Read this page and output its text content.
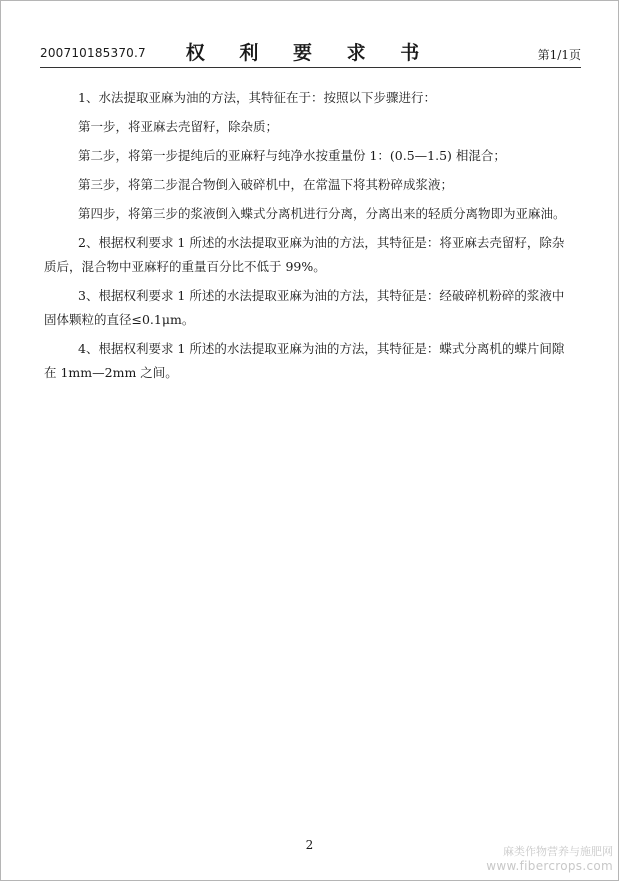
200710185370.7	权 利 要 求 书	第1/1页
1、水法提取亚麻为油的方法，其特征在于：按照以下步骤进行：
第一步，将亚麻去壳留籽，除杂质；
第二步，将第一步提纯后的亚麻籽与纯净水按重量份 1：(0.5—1.5) 相混合；
第三步，将第二步混合物倒入破碎机中，在常温下将其粉碎成浆液；
第四步，将第三步的浆液倒入蝶式分离机进行分离，分离出来的轻质分离物即为亚麻油。
2、根据权利要求 1 所述的水法提取亚麻为油的方法，其特征是：将亚麻去壳留籽，除杂
质后，混合物中亚麻籽的重量百分比不低于 99%。
3、根据权利要求 1 所述的水法提取亚麻为油的方法，其特征是：经破碎机粉碎的浆液中
固体颗粒的直径≤0.1μm。
4、根据权利要求 1 所述的水法提取亚麻为油的方法，其特征是：蝶式分离机的蝶片间隙
在 1mm—2mm 之间。
2	麻类作物营养与施肥网
www.fibercrops.com
